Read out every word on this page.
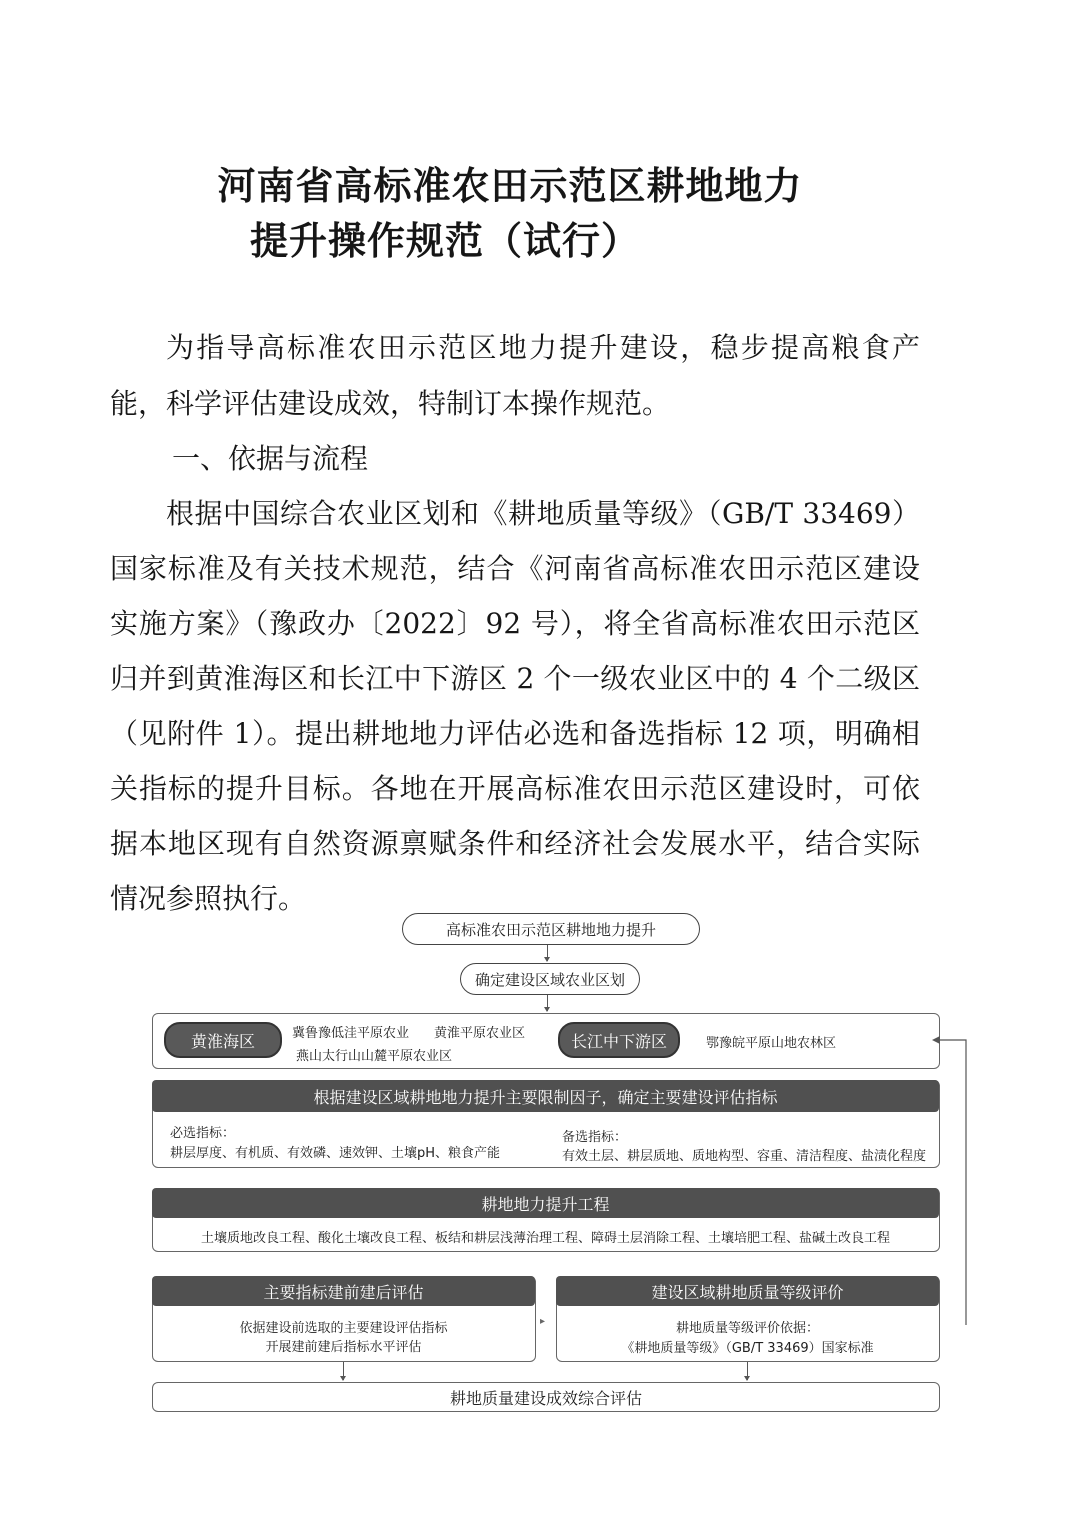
河南省高标准农田示范区耕地地力
提升操作规范（试行）
为指导高标准农田示范区地力提升建设，稳步提高粮食产
能，科学评估建设成效，特制订本操作规范。
一、依据与流程
根据中国综合农业区划和《耕地质量等级》（GB/T 33469）
国家标准及有关技术规范，结合《河南省高标准农田示范区建设
实施方案》（豫政办〔2022〕92 号），将全省高标准农田示范区
归并到黄淮海区和长江中下游区 2 个一级农业区中的 4 个二级区
（见附件 1）。提出耕地地力评估必选和备选指标 12 项，明确相
关指标的提升目标。各地在开展高标准农田示范区建设时，可依
据本地区现有自然资源禀赋条件和经济社会发展水平，结合实际
情况参照执行。
高标准农田示范区耕地地力提升
确定建设区域农业区划
黄淮海区	冀鲁豫低洼平原农业 黄淮平原农业区
燕山太行山山麓平原农业区
长江中下游区	鄂豫皖平原山地农林区
根据建设区域耕地地力提升主要限制因子，确定主要建设评估指标
必选指标：
耕层厚度、有机质、有效磷、速效钾、土壤pH、粮食产能
备选指标：
有效土层、耕层质地、质地构型、容重、清洁程度、盐渍化程度
耕地地力提升工程
土壤质地改良工程、酸化土壤改良工程、板结和耕层浅薄治理工程、障碍土层消除工程、土壤培肥工程、盐碱土改良工程
主要指标建前建后评估
依据建设前选取的主要建设评估指标
开展建前建后指标水平评估
▸
建设区域耕地质量等级评价
耕地质量等级评价依据：
《耕地质量等级》（GB/T 33469）国家标准
耕地质量建设成效综合评估
